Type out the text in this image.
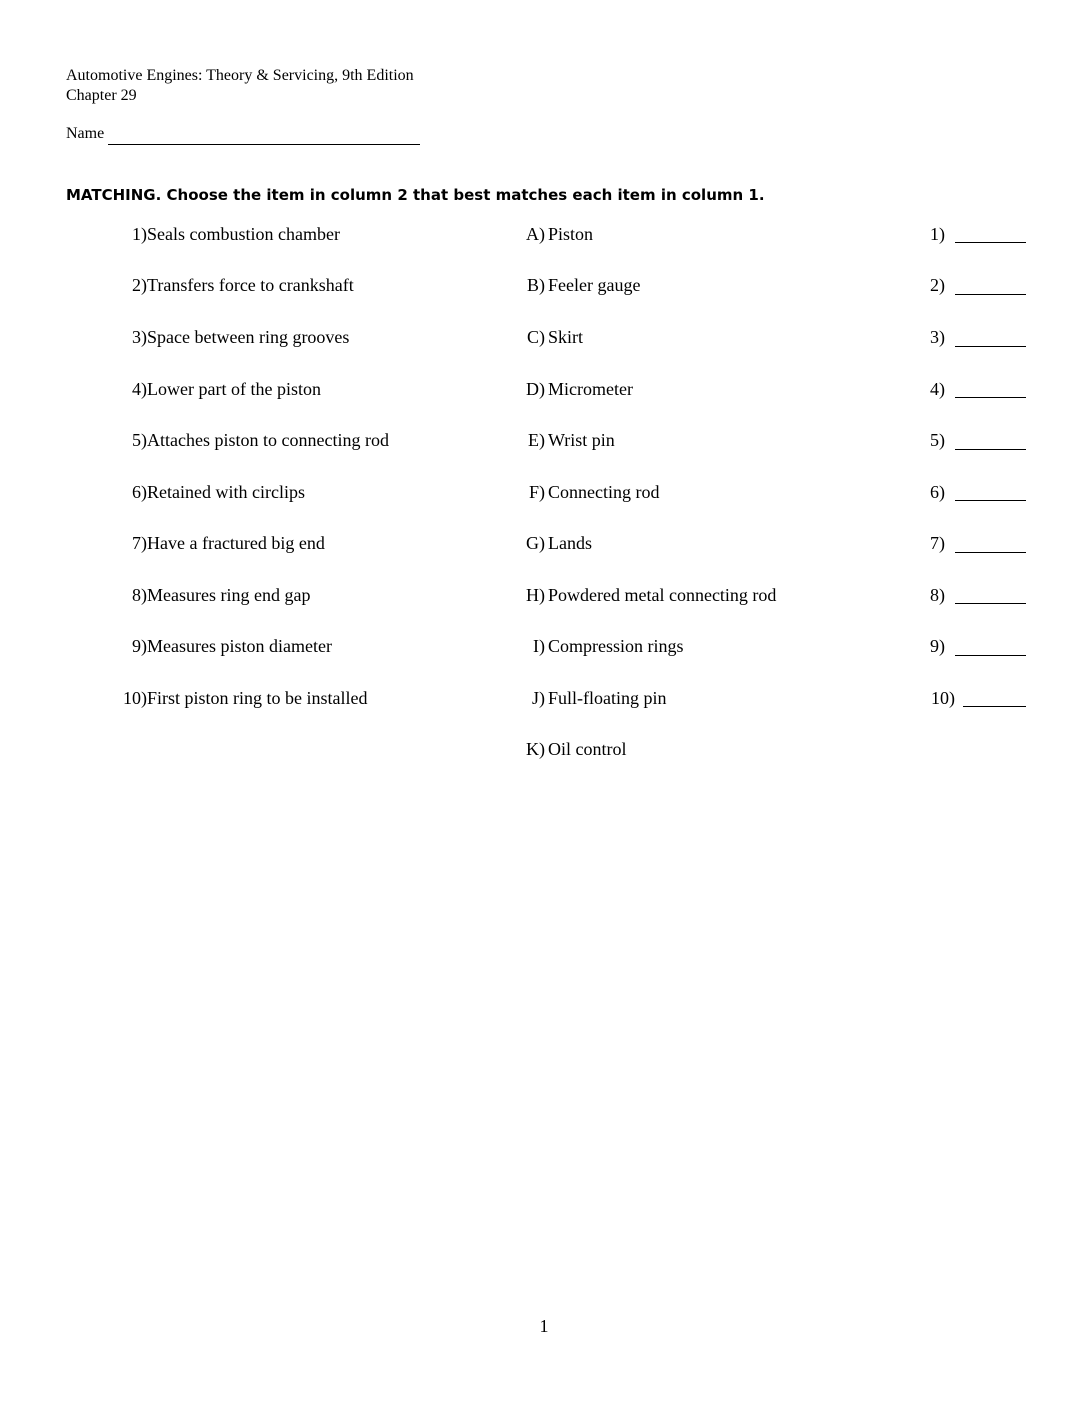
Automotive Engines: Theory & Servicing, 9th Edition
Chapter 29
Name
MATCHING. Choose the item in column 2 that best matches each item in column 1.
1) Seals combustion chamber
2) Transfers force to crankshaft
3) Space between ring grooves
4) Lower part of the piston
5) Attaches piston to connecting rod
6) Retained with circlips
7) Have a fractured big end
8) Measures ring end gap
9) Measures piston diameter
10) First piston ring to be installed
A) Piston
B) Feeler gauge
C) Skirt
D) Micrometer
E) Wrist pin
F) Connecting rod
G) Lands
H) Powdered metal connecting rod
I) Compression rings
J) Full-floating pin
K) Oil control
1)
2)
3)
4)
5)
6)
7)
8)
9)
10)
1
